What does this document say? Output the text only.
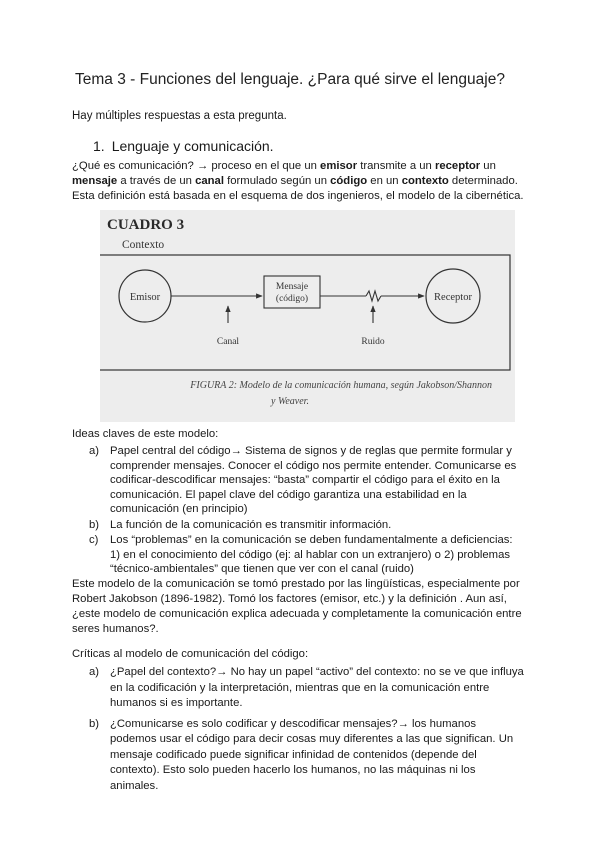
Tema 3 - Funciones del lenguaje. ¿Para qué sirve el lenguaje?
Hay múltiples respuestas a esta pregunta.
1. Lenguaje y comunicación.
¿Qué es comunicación? → proceso en el que un emisor transmite a un receptor un mensaje a través de un canal formulado según un código en un contexto determinado. Esta definición está basada en el esquema de dos ingenieros, el modelo de la cibernética.
CUADRO 3
Contexto
Emisor
Mensaje
(código)	Receptor
Canal	Ruido
FIGURA 2: Modelo de la comunicación humana, según Jakobson/Shannon
y Weaver.
Ideas claves de este modelo:
a) Papel central del código→ Sistema de signos y de reglas que permite formular y comprender mensajes. Conocer el código nos permite entender. Comunicarse es codificar-descodificar mensajes: “basta” compartir el código para el éxito en la comunicación. El papel clave del código garantiza una estabilidad en la comunicación (en principio)
b) La función de la comunicación es transmitir información.
c) Los “problemas” en la comunicación se deben fundamentalmente a deficiencias: 1) en el conocimiento del código (ej: al hablar con un extranjero) o 2) problemas “técnico-ambientales” que tienen que ver con el canal (ruido)
Este modelo de la comunicación se tomó prestado por las lingüísticas, especialmente por Robert Jakobson (1896-1982). Tomó los factores (emisor, etc.) y la definición . Aun así, ¿este modelo de comunicación explica adecuada y completamente la comunicación entre seres humanos?.
Críticas al modelo de comunicación del código:
a) ¿Papel del contexto?→ No hay un papel “activo” del contexto: no se ve que influya en la codificación y la interpretación, mientras que en la comunicación entre humanos si es importante.
b) ¿Comunicarse es solo codificar y descodificar mensajes?→ los humanos podemos usar el código para decir cosas muy diferentes a las que significan. Un mensaje codificado puede significar infinidad de contenidos (depende del contexto). Esto solo pueden hacerlo los humanos, no las máquinas ni los animales.
